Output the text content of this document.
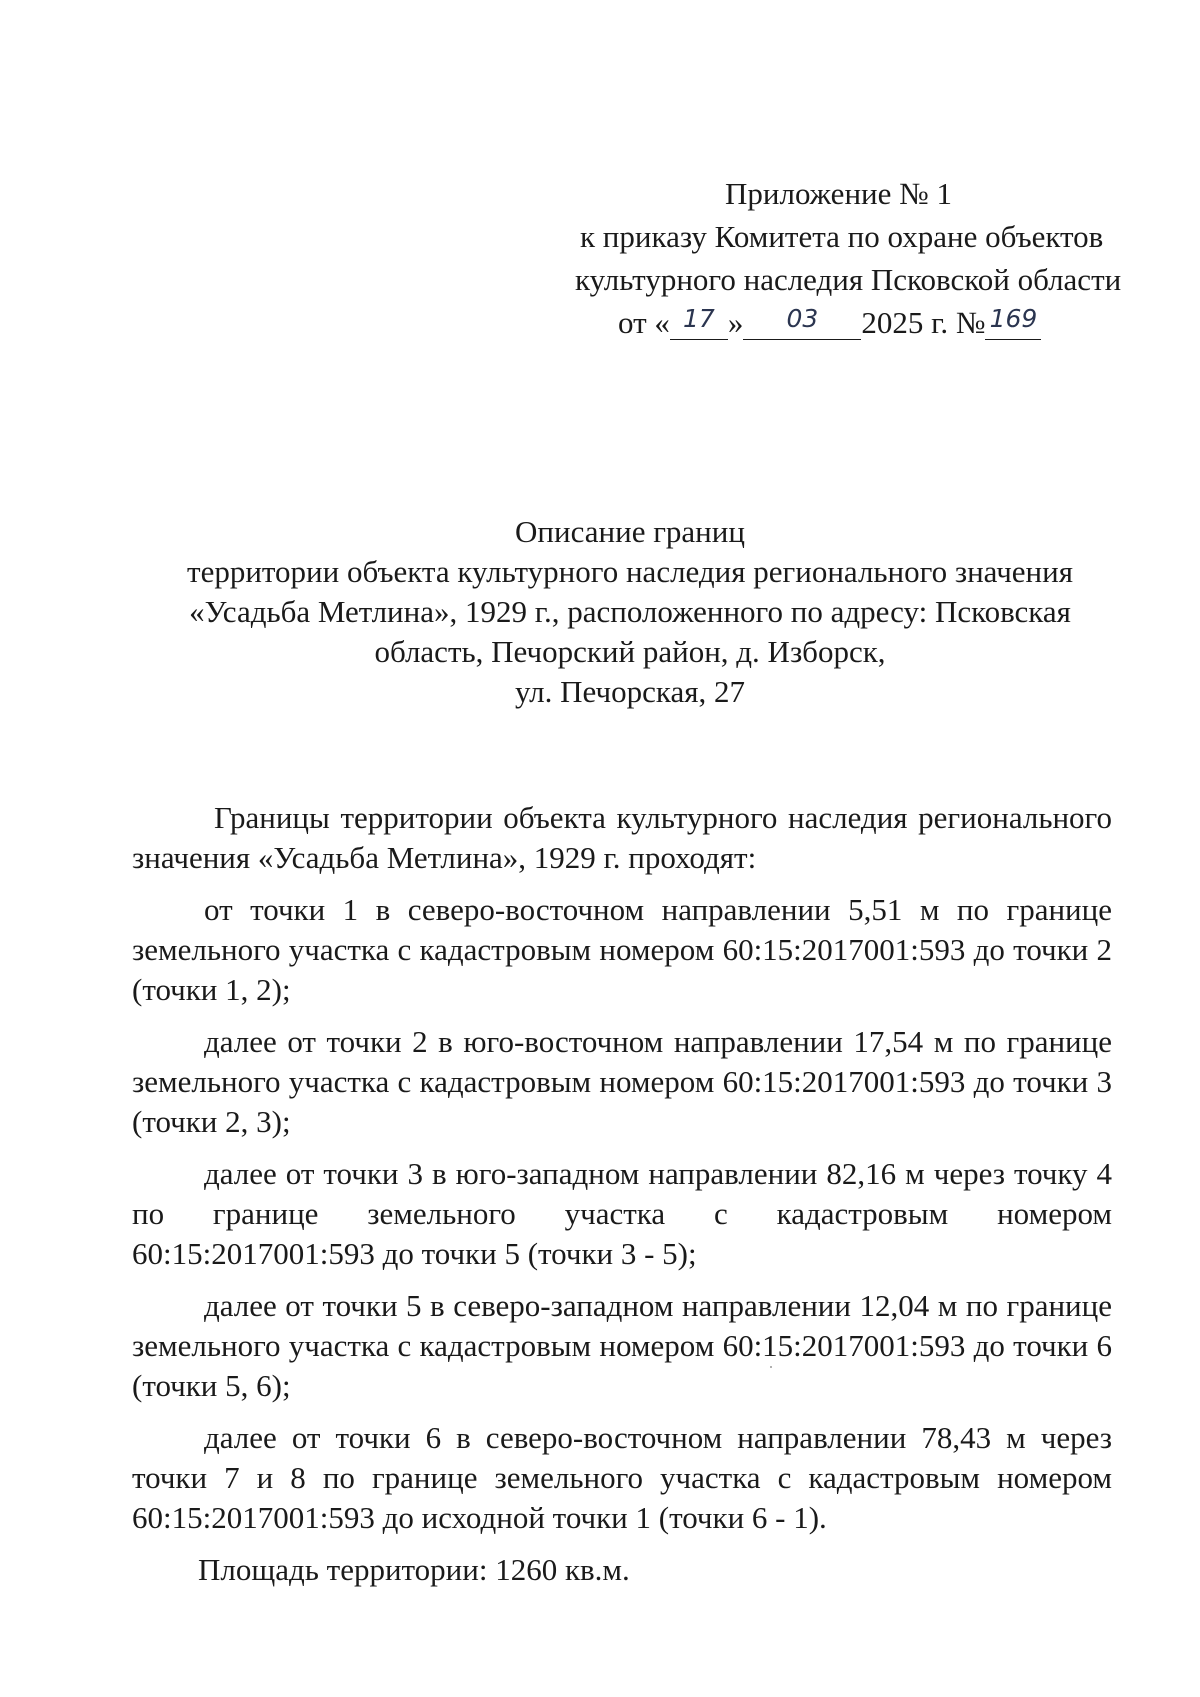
Приложение № 1
к приказу Комитета по охране объектов
культурного наследия Псковской области
от « 17 » 03 2025 г. № 169
Описание границ
территории объекта культурного наследия регионального значения
«Усадьба Метлина», 1929 г., расположенного по адресу: Псковская
область, Печорский район, д. Изборск,
ул. Печорская, 27

Границы территории объекта культурного наследия регионального значения «Усадьба Метлина», 1929 г. проходят:

от точки 1 в северо-восточном направлении 5,51 м по границе земельного участка с кадастровым номером 60:15:2017001:593 до точки 2 (точки 1, 2);

далее от точки 2 в юго-восточном направлении 17,54 м по границе земельного участка с кадастровым номером 60:15:2017001:593 до точки 3 (точки 2, 3);

далее от точки 3 в юго-западном направлении 82,16 м через точку 4 по границе земельного участка с кадастровым номером 60:15:2017001:593 до точки 5 (точки 3 - 5);

далее от точки 5 в северо-западном направлении 12,04 м по границе земельного участка с кадастровым номером 60:15:2017001:593 до точки 6 (точки 5, 6);

далее от точки 6 в северо-восточном направлении 78,43 м через точки 7 и 8 по границе земельного участка с кадастровым номером 60:15:2017001:593 до исходной точки 1 (точки 6 - 1).

Площадь территории: 1260 кв.м.
